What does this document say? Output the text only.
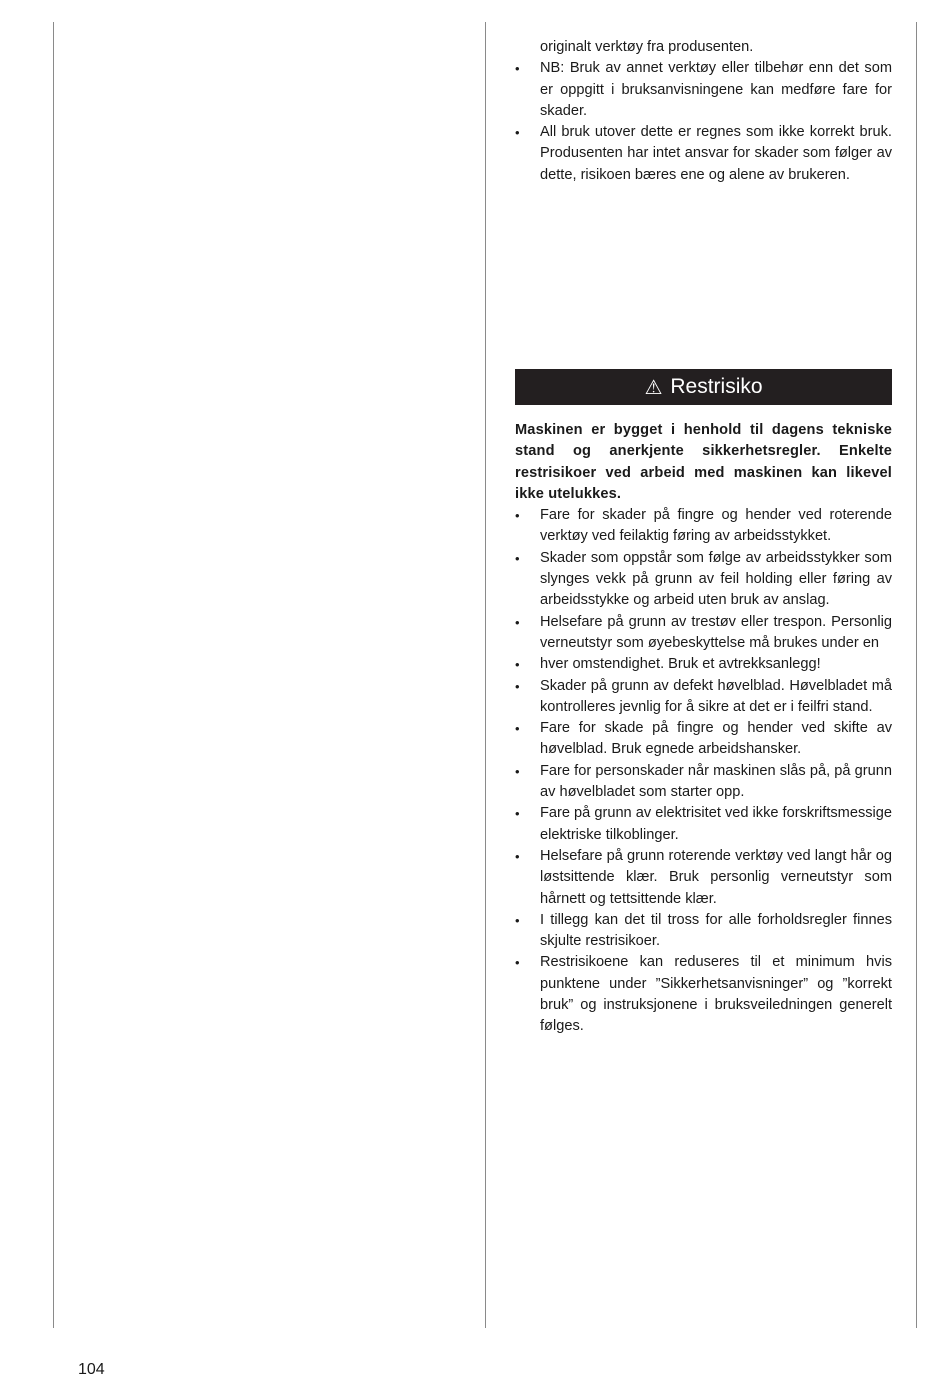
originalt verktøy fra produsenten.
• NB: Bruk av annet verktøy eller tilbehør enn det som er oppgitt i bruksanvisningene kan medføre fare for skader.
• All bruk utover dette er regnes som ikke korrekt bruk. Produsenten har intet ansvar for skader som følger av dette, risikoen bæres ene og alene av brukeren.
⚠ Restrisiko
Maskinen er bygget i henhold til dagens tekniske stand og anerkjente sikkerhetsregler. Enkelte restrisikoer ved arbeid med maskinen kan likevel ikke utelukkes.
• Fare for skader på fingre og hender ved roterende verktøy ved feilaktig føring av arbeidsstykket.
• Skader som oppstår som følge av arbeidsstykker som slynges vekk på grunn av feil holding eller føring av arbeidsstykke og arbeid uten bruk av anslag.
• Helsefare på grunn av trestøv eller trespon. Personlig verneutstyr som øyebeskyttelse må brukes under en
• hver omstendighet. Bruk et avtrekksanlegg!
• Skader på grunn av defekt høvelblad. Høvelbladet må kontrolleres jevnlig for å sikre at det er i feilfri stand.
• Fare for skade på fingre og hender ved skifte av høvelblad. Bruk egnede arbeidshansker.
• Fare for personskader når maskinen slås på, på grunn av høvelbladet som starter opp.
• Fare på grunn av elektrisitet ved ikke forskriftsmessige elektriske tilkoblinger.
• Helsefare på grunn roterende verktøy ved langt hår og løstsittende klær. Bruk personlig verneutstyr som hårnett og tettsittende klær.
• I tillegg kan det til tross for alle forholdsregler finnes skjulte restrisikoer.
• Restrisikoene kan reduseres til et minimum hvis punktene under ”Sikkerhetsanvisninger” og ”korrekt bruk” og instruksjonene i bruksveiledningen generelt følges.
104
